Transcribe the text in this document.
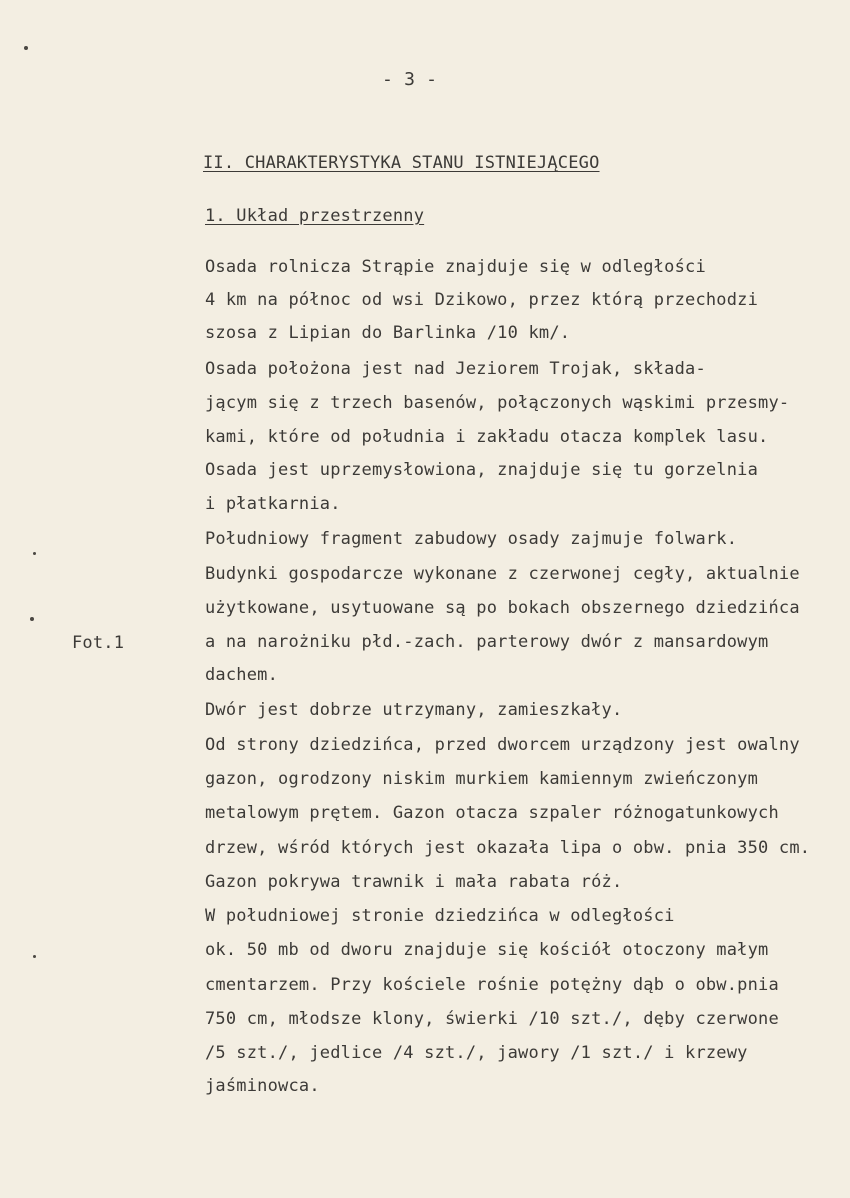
- 3 -
II. CHARAKTERYSTYKA STANU ISTNIEJĄCEGO
1. Układ przestrzenny
Fot.1
Osada rolnicza Strąpie znajduje się w odległości
4 km na północ od wsi Dzikowo, przez którą przechodzi
szosa z Lipian do Barlinka /10 km/.
Osada położona jest nad Jeziorem Trojak, składa-
jącym się z trzech basenów, połączonych wąskimi przesmy-
kami, które od południa i zakładu otacza komplek lasu.
Osada jest uprzemysłowiona, znajduje się tu gorzelnia
i płatkarnia.
Południowy fragment zabudowy osady zajmuje folwark.
Budynki gospodarcze wykonane z czerwonej cegły, aktualnie
użytkowane, usytuowane są po bokach obszernego dziedzińca
a na narożniku płd.-zach. parterowy dwór z mansardowym
dachem.
Dwór jest dobrze utrzymany, zamieszkały.
Od strony dziedzińca, przed dworcem urządzony jest owalny
gazon, ogrodzony niskim murkiem kamiennym zwieńczonym
metalowym prętem. Gazon otacza szpaler różnogatunkowych
drzew, wśród których jest okazała lipa o obw. pnia 350 cm.
Gazon pokrywa trawnik i mała rabata róż.
W południowej stronie dziedzińca w odległości
ok. 50 mb od dworu znajduje się kościół otoczony małym
cmentarzem. Przy kościele rośnie potężny dąb o obw.pnia
750 cm, młodsze klony, świerki /10 szt./, dęby czerwone
/5 szt./, jedlice /4 szt./, jawory /1 szt./ i krzewy
jaśminowca.
